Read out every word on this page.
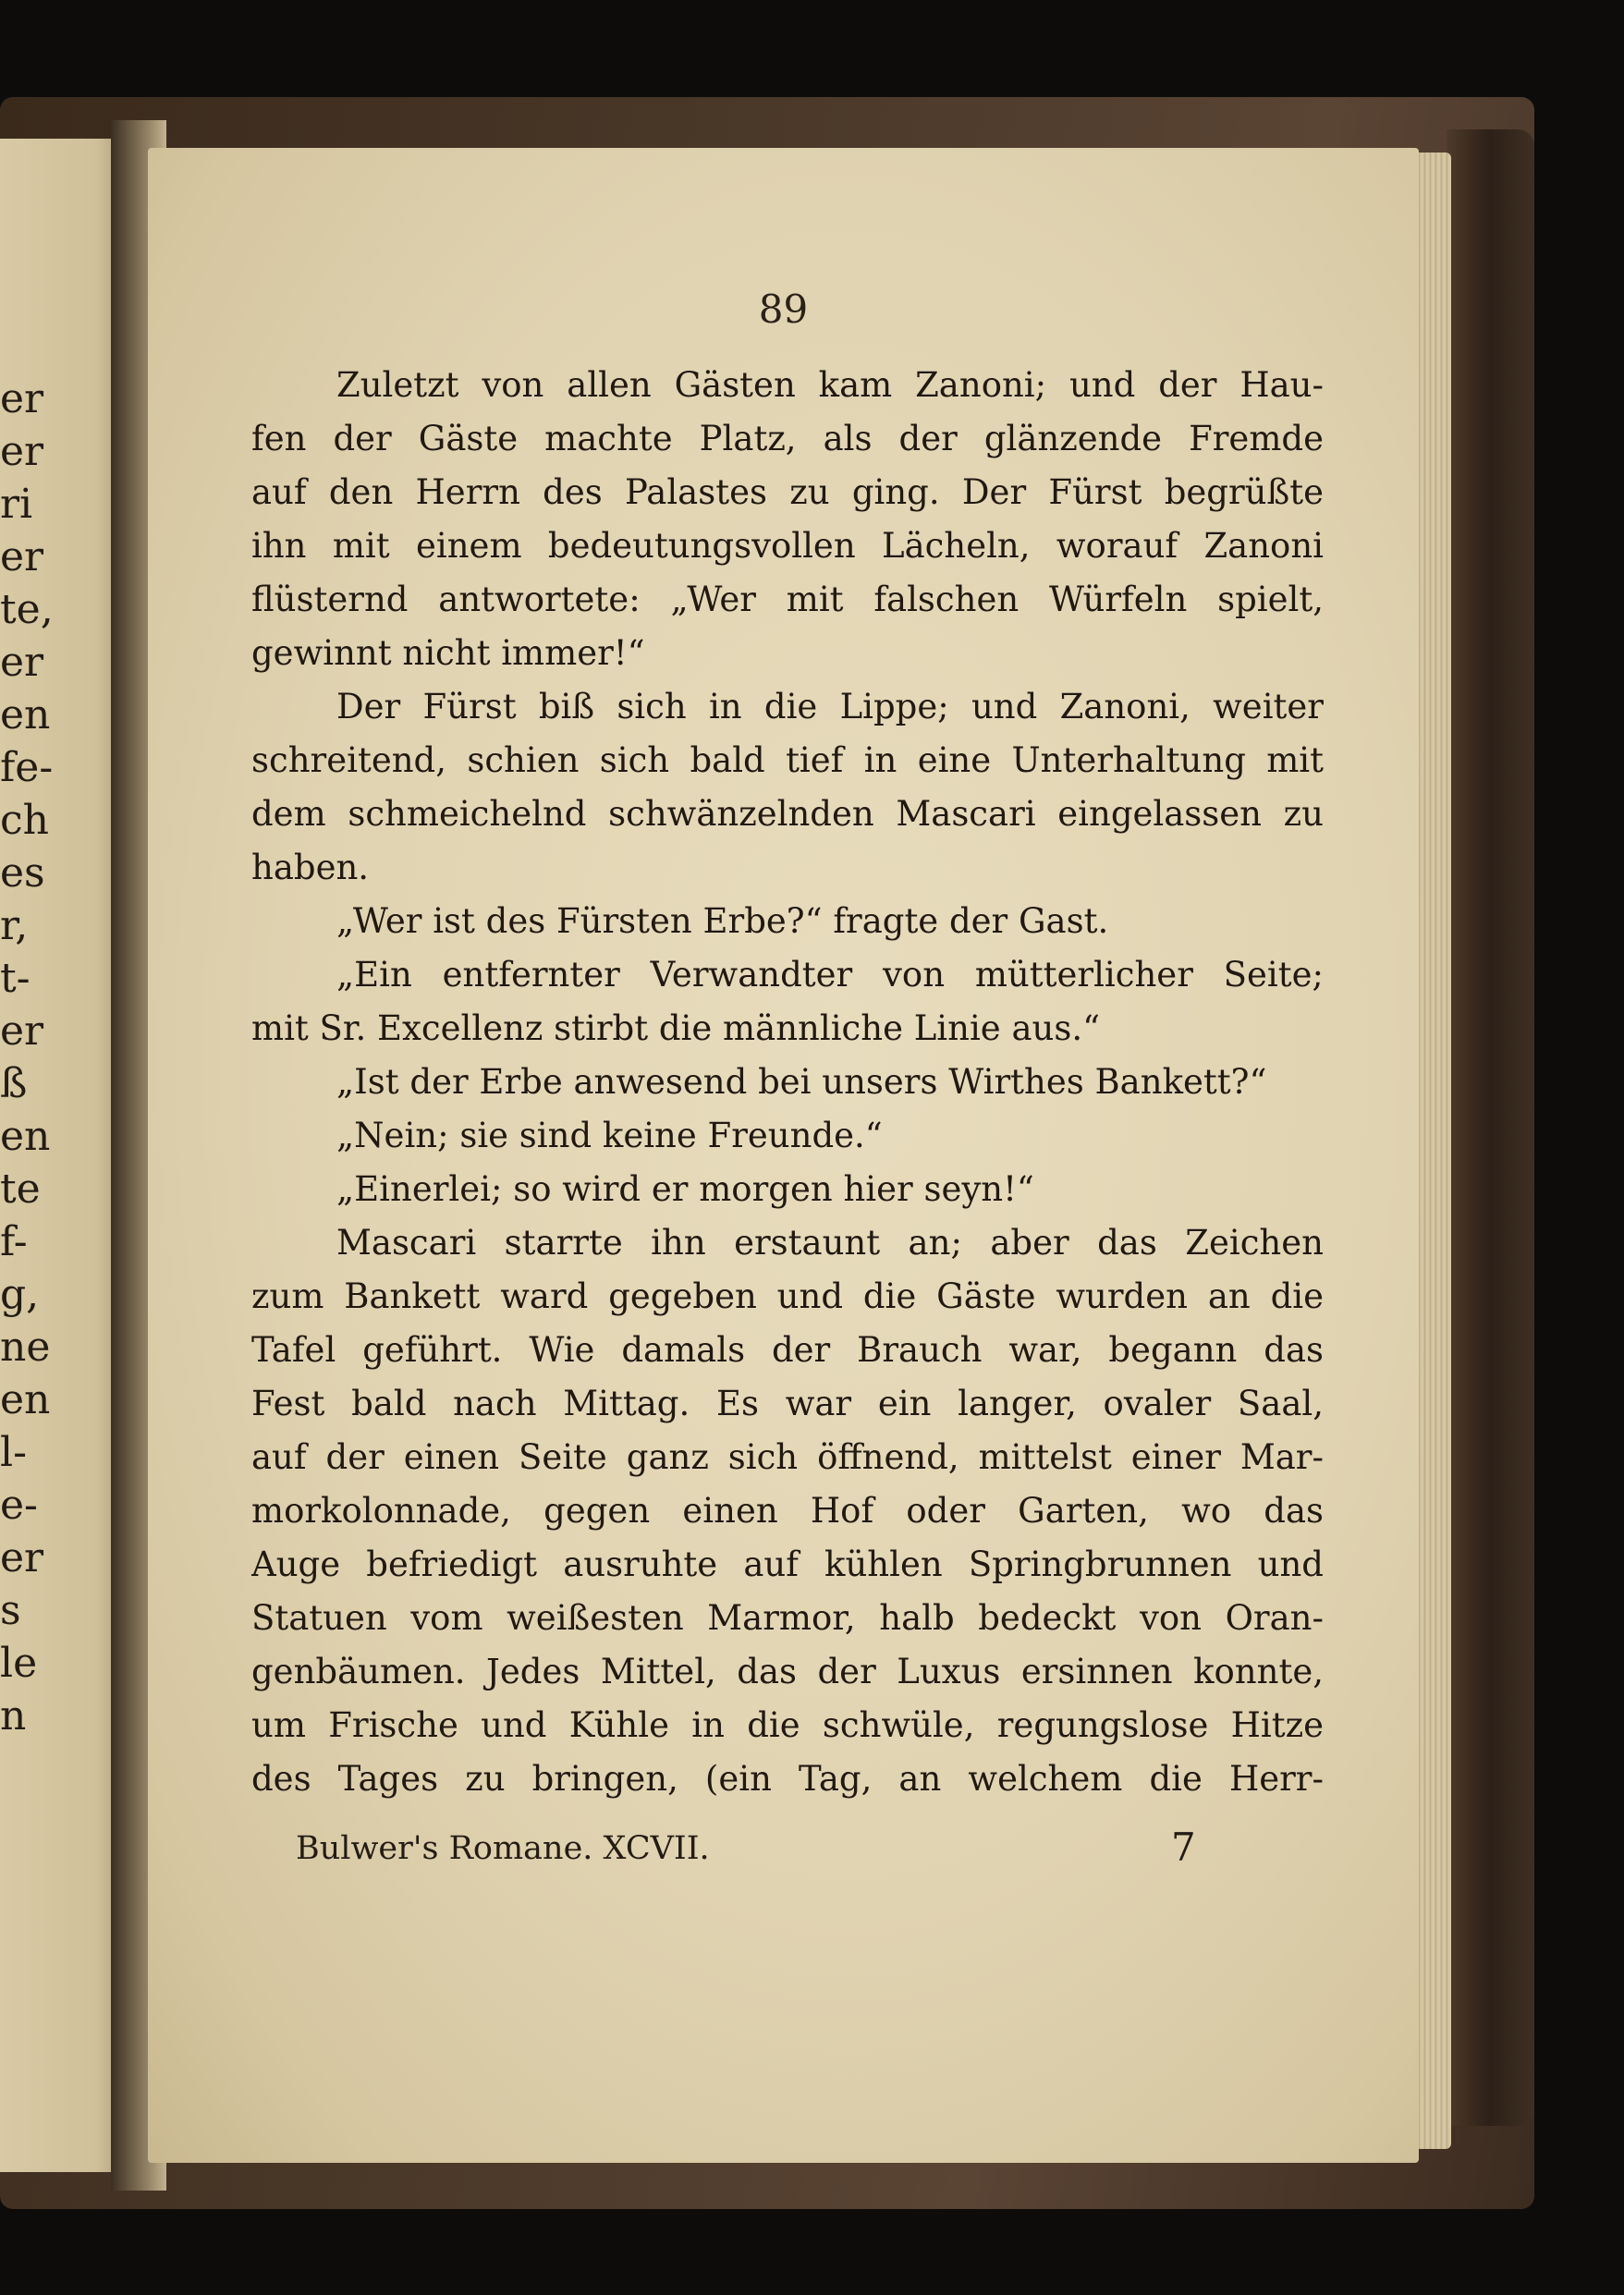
er
er
ri
er
te,
er
en
fe-
ch
es
r,
t-
er
ß
en
te
f-
g,
ne
en
l-
e-
er
s
le
n
89
Zuletzt von allen Gästen kam Zanoni; und der Hau-
fen der Gäste machte Platz, als der glänzende Fremde
auf den Herrn des Palastes zu ging. Der Fürst begrüßte
ihn mit einem bedeutungsvollen Lächeln, worauf Zanoni
flüsternd antwortete: „Wer mit falschen Würfeln spielt,
gewinnt nicht immer!“
Der Fürst biß sich in die Lippe; und Zanoni, weiter
schreitend, schien sich bald tief in eine Unterhaltung mit
dem schmeichelnd schwänzelnden Mascari eingelassen zu
haben.
„Wer ist des Fürsten Erbe?“ fragte der Gast.
„Ein entfernter Verwandter von mütterlicher Seite;
mit Sr. Excellenz stirbt die männliche Linie aus.“
„Ist der Erbe anwesend bei unsers Wirthes Bankett?“
„Nein; sie sind keine Freunde.“
„Einerlei; so wird er morgen hier seyn!“
Mascari starrte ihn erstaunt an; aber das Zeichen
zum Bankett ward gegeben und die Gäste wurden an die
Tafel geführt. Wie damals der Brauch war, begann das
Fest bald nach Mittag. Es war ein langer, ovaler Saal,
auf der einen Seite ganz sich öffnend, mittelst einer Mar-
morkolonnade, gegen einen Hof oder Garten, wo das
Auge befriedigt ausruhte auf kühlen Springbrunnen und
Statuen vom weißesten Marmor, halb bedeckt von Oran-
genbäumen. Jedes Mittel, das der Luxus ersinnen konnte,
um Frische und Kühle in die schwüle, regungslose Hitze
des Tages zu bringen, (ein Tag, an welchem die Herr-
Bulwer's Romane. XCVII.	7
